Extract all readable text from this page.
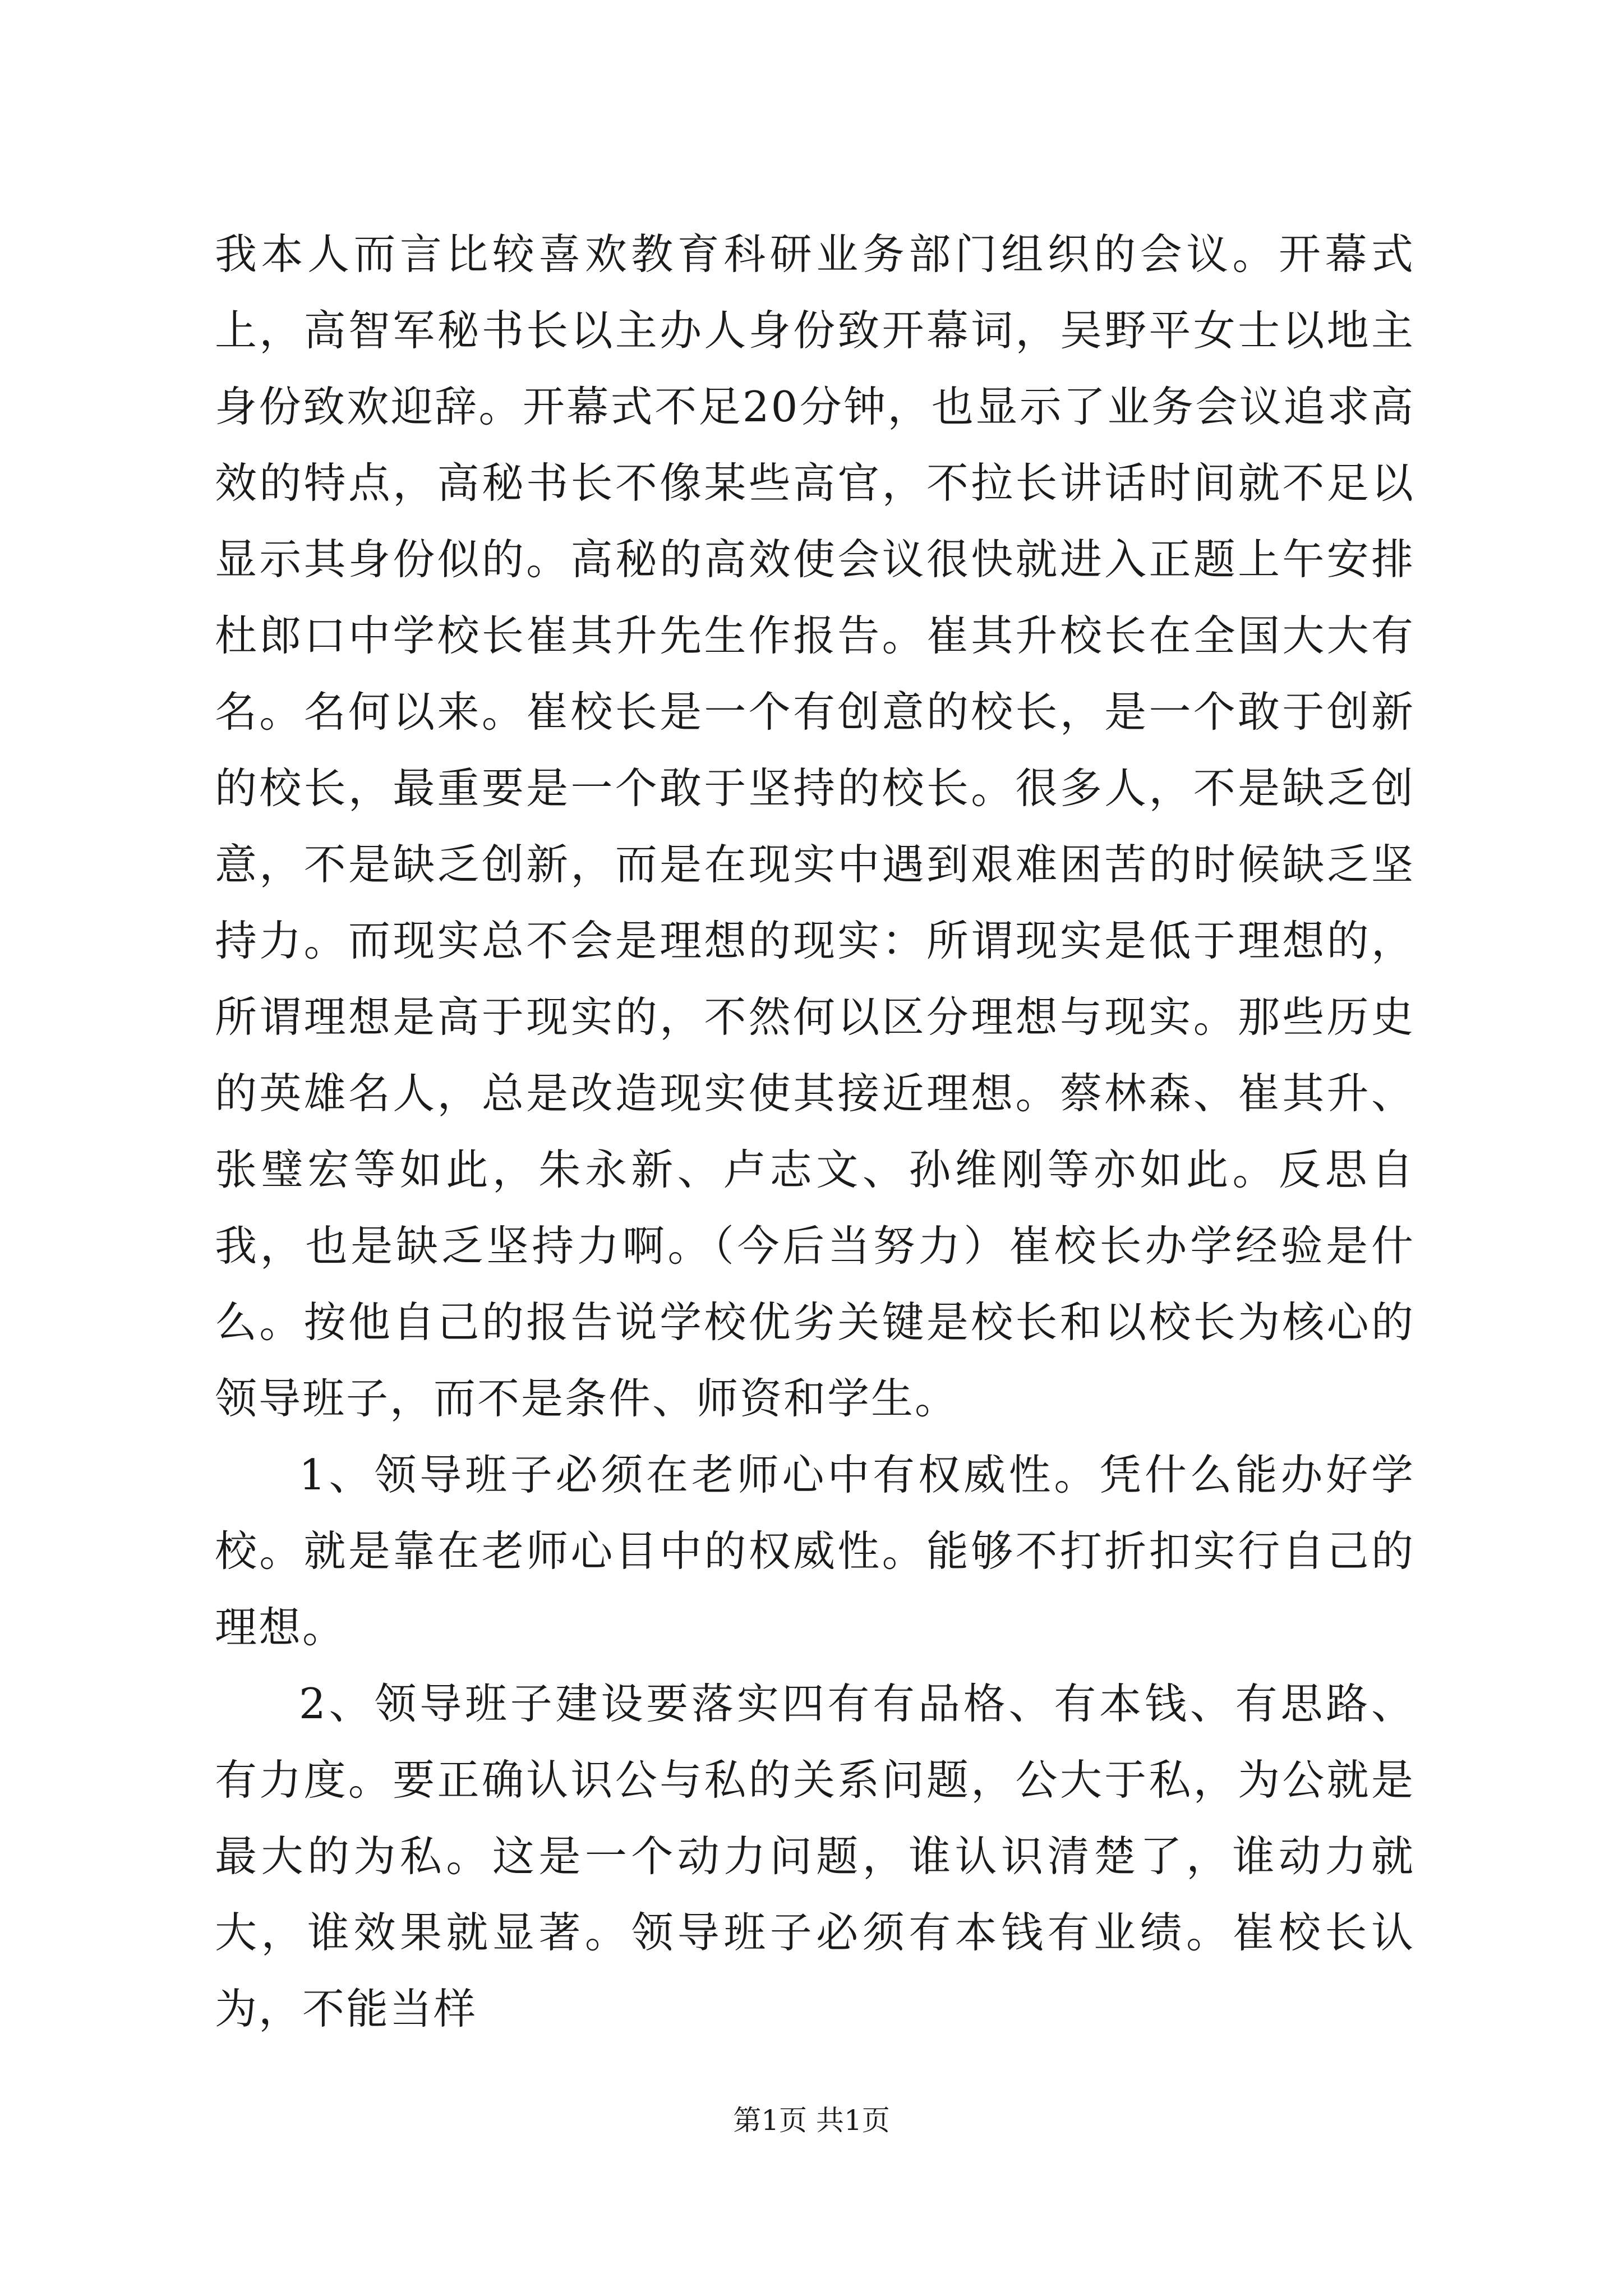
我本人而言比较喜欢教育科研业务部门组织的会议。开幕式上，高智军秘书长以主办人身份致开幕词，吴野平女士以地主身份致欢迎辞。开幕式不足20分钟，也显示了业务会议追求高效的特点，高秘书长不像某些高官，不拉长讲话时间就不足以显示其身份似的。高秘的高效使会议很快就进入正题上午安排杜郎口中学校长崔其升先生作报告。崔其升校长在全国大大有名。名何以来。崔校长是一个有创意的校长，是一个敢于创新的校长，最重要是一个敢于坚持的校长。很多人，不是缺乏创意，不是缺乏创新，而是在现实中遇到艰难困苦的时候缺乏坚持力。而现实总不会是理想的现实：所谓现实是低于理想的，所谓理想是高于现实的，不然何以区分理想与现实。那些历史的英雄名人，总是改造现实使其接近理想。蔡林森、崔其升、张璧宏等如此，朱永新、卢志文、孙维刚等亦如此。反思自我，也是缺乏坚持力啊。（今后当努力）崔校长办学经验是什么。按他自己的报告说学校优劣关键是校长和以校长为核心的领导班子，而不是条件、师资和学生。

1、领导班子必须在老师心中有权威性。凭什么能办好学校。就是靠在老师心目中的权威性。能够不打折扣实行自己的理想。

2、领导班子建设要落实四有有品格、有本钱、有思路、有力度。要正确认识公与私的关系问题，公大于私，为公就是最大的为私。这是一个动力问题，谁认识清楚了，谁动力就大，谁效果就显著。领导班子必须有本钱有业绩。崔校长认为，不能当样

第1页 共1页
